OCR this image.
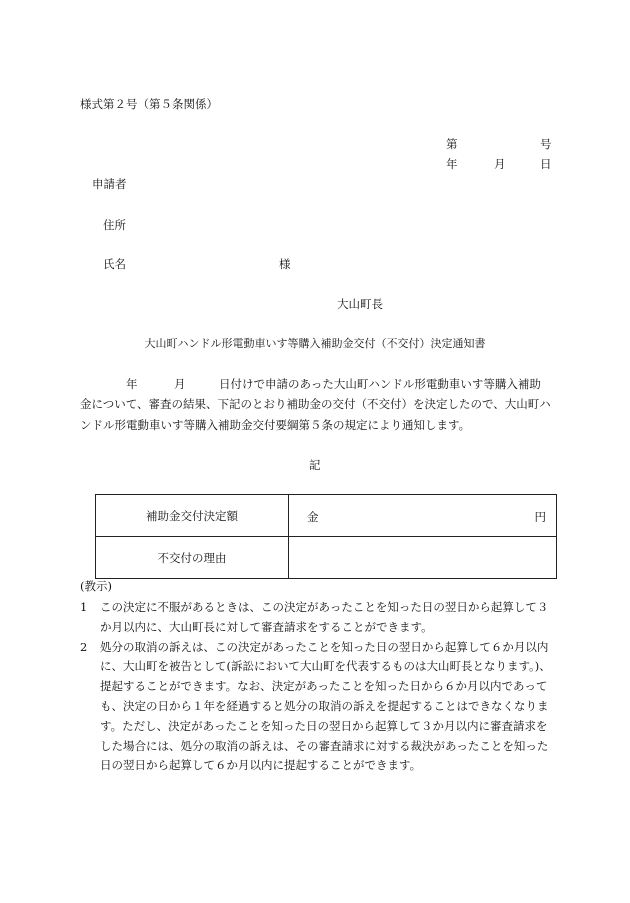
様式第２号（第５条関係）
第	号
年	月	日
申請者
住所
氏名	様
大山町長
大山町ハンドル形電動車いす等購入補助金交付（不交付）決定通知書
年	月	日付けで申請のあった大山町ハンドル形電動車いす等購入補助
金について、審査の結果、下記のとおり補助金の交付（不交付）を決定したので、大山町ハンドル形電動車いす等購入補助金交付要綱第５条の規定により通知します。
記
補助金交付決定額	金 円

不交付の理由	
(教示)
1 この決定に不服があるときは、この決定があったことを知った日の翌日から起算して３か月以内に、大山町長に対して審査請求をすることができます。
2 処分の取消の訴えは、この決定があったことを知った日の翌日から起算して６か月以内に、大山町を被告として(訴訟において大山町を代表するものは大山町長となります。)、提起することができます。なお、決定があったことを知った日から６か月以内であっても、決定の日から１年を経過すると処分の取消の訴えを提起することはできなくなります。ただし、決定があったことを知った日の翌日から起算して３か月以内に審査請求をした場合には、処分の取消の訴えは、その審査請求に対する裁決があったことを知った日の翌日から起算して６か月以内に提起することができます。
